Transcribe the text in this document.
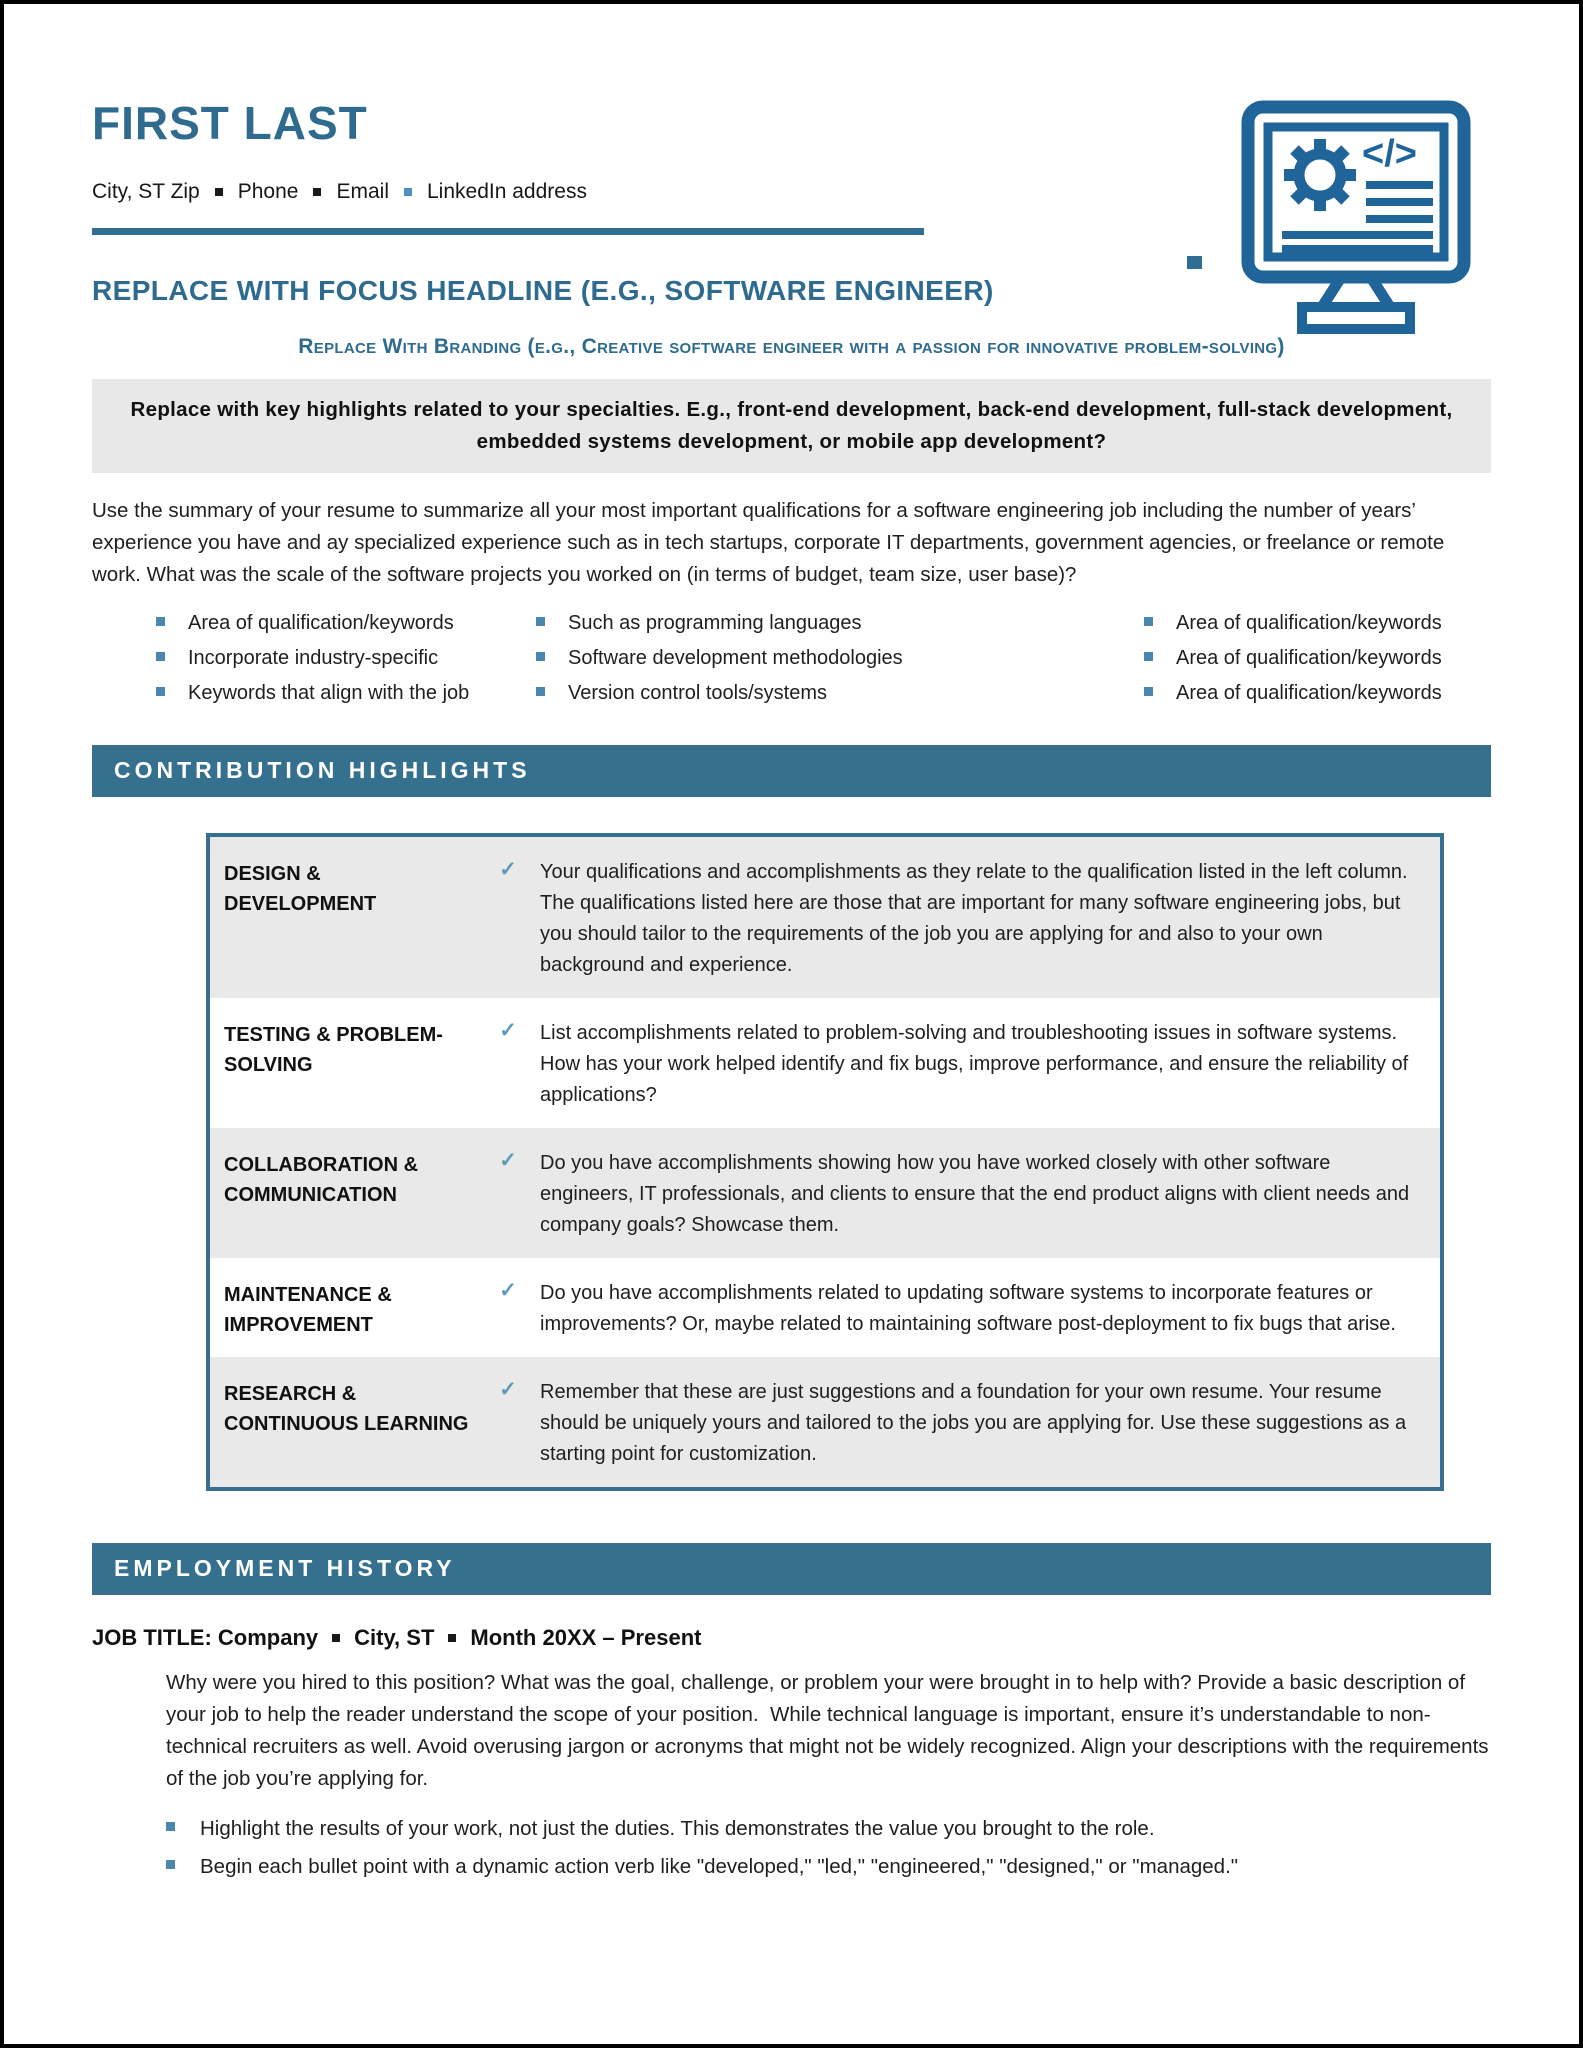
FIRST LAST
City, ST Zip Phone Email LinkedIn address
REPLACE WITH FOCUS HEADLINE (E.G., SOFTWARE ENGINEER)
Replace With Branding (e.g., Creative software engineer with a passion for innovative problem-solving)
Replace with key highlights related to your specialties. E.g., front-end development, back-end development, full-stack development, embedded systems development, or mobile app development?
Use the summary of your resume to summarize all your most important qualifications for a software engineering job including the number of years’ experience you have and ay specialized experience such as in tech startups, corporate IT departments, government agencies, or freelance or remote work. What was the scale of the software projects you worked on (in terms of budget, team size, user base)?
Area of qualification/keywords
Incorporate industry-specific
Keywords that align with the job
Such as programming languages
Software development methodologies
Version control tools/systems
Area of qualification/keywords
Area of qualification/keywords
Area of qualification/keywords
CONTRIBUTION HIGHLIGHTS
DESIGN & DEVELOPMENT
✓	Your qualifications and accomplishments as they relate to the qualification listed in the left column. The qualifications listed here are those that are important for many software engineering jobs, but you should tailor to the requirements of the job you are applying for and also to your own background and experience.
TESTING & PROBLEM-SOLVING
✓	List accomplishments related to problem-solving and troubleshooting issues in software systems. How has your work helped identify and fix bugs, improve performance, and ensure the reliability of applications?
COLLABORATION & COMMUNICATION
✓	Do you have accomplishments showing how you have worked closely with other software engineers, IT professionals, and clients to ensure that the end product aligns with client needs and company goals? Showcase them.
MAINTENANCE & IMPROVEMENT
✓	Do you have accomplishments related to updating software systems to incorporate features or improvements? Or, maybe related to maintaining software post-deployment to fix bugs that arise.
RESEARCH & CONTINUOUS LEARNING
✓	Remember that these are just suggestions and a foundation for your own resume. Your resume should be uniquely yours and tailored to the jobs you are applying for. Use these suggestions as a starting point for customization.
EMPLOYMENT HISTORY
JOB TITLE: Company City, ST Month 20XX – Present
Why were you hired to this position? What was the goal, challenge, or problem your were brought in to help with? Provide a basic description of your job to help the reader understand the scope of your position.  While technical language is important, ensure it’s understandable to non-technical recruiters as well. Avoid overusing jargon or acronyms that might not be widely recognized. Align your descriptions with the requirements of the job you’re applying for.
Highlight the results of your work, not just the duties. This demonstrates the value you brought to the role.
Begin each bullet point with a dynamic action verb like "developed," "led," "engineered," "designed," or "managed."
</>
